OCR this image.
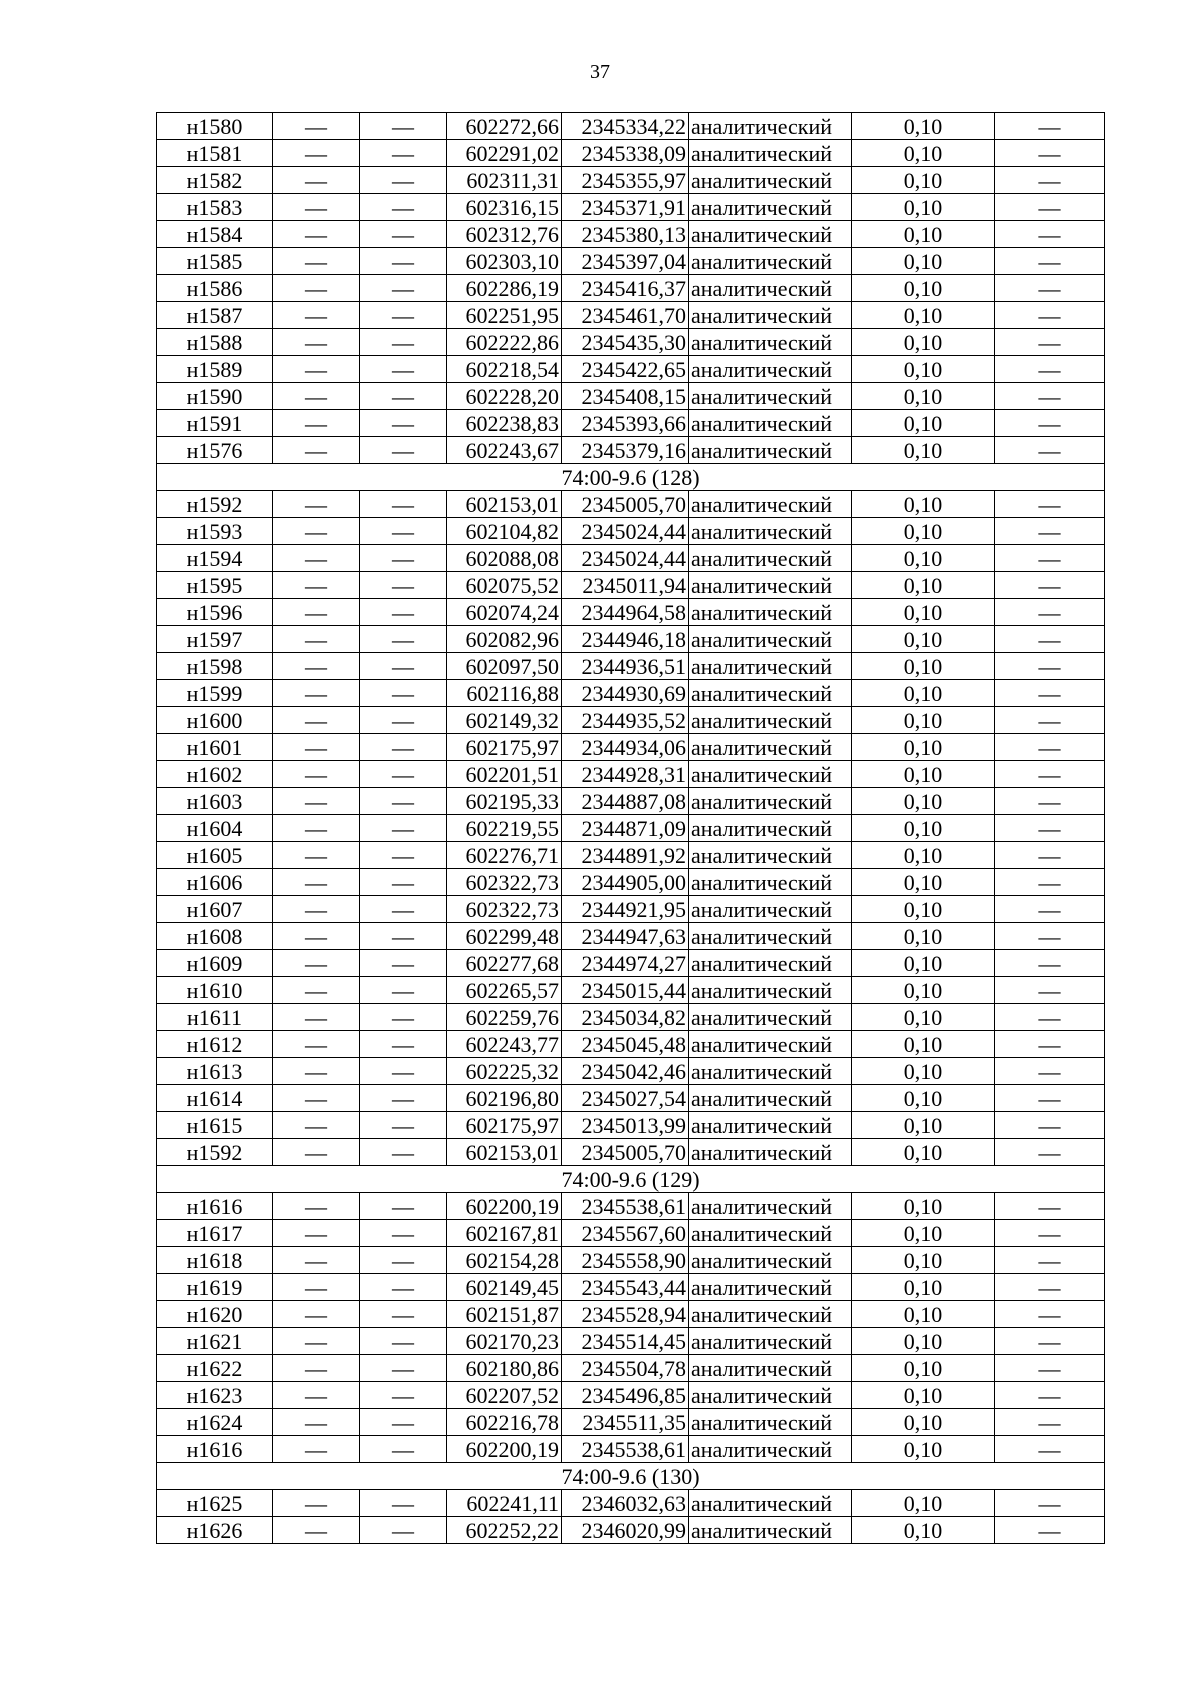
37
н1580	—	—	602272,66	2345334,22	аналитический	0,10	—
н1581	—	—	602291,02	2345338,09	аналитический	0,10	—
н1582	—	—	602311,31	2345355,97	аналитический	0,10	—
н1583	—	—	602316,15	2345371,91	аналитический	0,10	—
н1584	—	—	602312,76	2345380,13	аналитический	0,10	—
н1585	—	—	602303,10	2345397,04	аналитический	0,10	—
н1586	—	—	602286,19	2345416,37	аналитический	0,10	—
н1587	—	—	602251,95	2345461,70	аналитический	0,10	—
н1588	—	—	602222,86	2345435,30	аналитический	0,10	—
н1589	—	—	602218,54	2345422,65	аналитический	0,10	—
н1590	—	—	602228,20	2345408,15	аналитический	0,10	—
н1591	—	—	602238,83	2345393,66	аналитический	0,10	—
н1576	—	—	602243,67	2345379,16	аналитический	0,10	—
74:00-9.6 (128)							
н1592	—	—	602153,01	2345005,70	аналитический	0,10	—
н1593	—	—	602104,82	2345024,44	аналитический	0,10	—
н1594	—	—	602088,08	2345024,44	аналитический	0,10	—
н1595	—	—	602075,52	2345011,94	аналитический	0,10	—
н1596	—	—	602074,24	2344964,58	аналитический	0,10	—
н1597	—	—	602082,96	2344946,18	аналитический	0,10	—
н1598	—	—	602097,50	2344936,51	аналитический	0,10	—
н1599	—	—	602116,88	2344930,69	аналитический	0,10	—
н1600	—	—	602149,32	2344935,52	аналитический	0,10	—
н1601	—	—	602175,97	2344934,06	аналитический	0,10	—
н1602	—	—	602201,51	2344928,31	аналитический	0,10	—
н1603	—	—	602195,33	2344887,08	аналитический	0,10	—
н1604	—	—	602219,55	2344871,09	аналитический	0,10	—
н1605	—	—	602276,71	2344891,92	аналитический	0,10	—
н1606	—	—	602322,73	2344905,00	аналитический	0,10	—
н1607	—	—	602322,73	2344921,95	аналитический	0,10	—
н1608	—	—	602299,48	2344947,63	аналитический	0,10	—
н1609	—	—	602277,68	2344974,27	аналитический	0,10	—
н1610	—	—	602265,57	2345015,44	аналитический	0,10	—
н1611	—	—	602259,76	2345034,82	аналитический	0,10	—
н1612	—	—	602243,77	2345045,48	аналитический	0,10	—
н1613	—	—	602225,32	2345042,46	аналитический	0,10	—
н1614	—	—	602196,80	2345027,54	аналитический	0,10	—
н1615	—	—	602175,97	2345013,99	аналитический	0,10	—
н1592	—	—	602153,01	2345005,70	аналитический	0,10	—
74:00-9.6 (129)							
н1616	—	—	602200,19	2345538,61	аналитический	0,10	—
н1617	—	—	602167,81	2345567,60	аналитический	0,10	—
н1618	—	—	602154,28	2345558,90	аналитический	0,10	—
н1619	—	—	602149,45	2345543,44	аналитический	0,10	—
н1620	—	—	602151,87	2345528,94	аналитический	0,10	—
н1621	—	—	602170,23	2345514,45	аналитический	0,10	—
н1622	—	—	602180,86	2345504,78	аналитический	0,10	—
н1623	—	—	602207,52	2345496,85	аналитический	0,10	—
н1624	—	—	602216,78	2345511,35	аналитический	0,10	—
н1616	—	—	602200,19	2345538,61	аналитический	0,10	—
74:00-9.6 (130)							
н1625	—	—	602241,11	2346032,63	аналитический	0,10	—
н1626	—	—	602252,22	2346020,99	аналитический	0,10	—
